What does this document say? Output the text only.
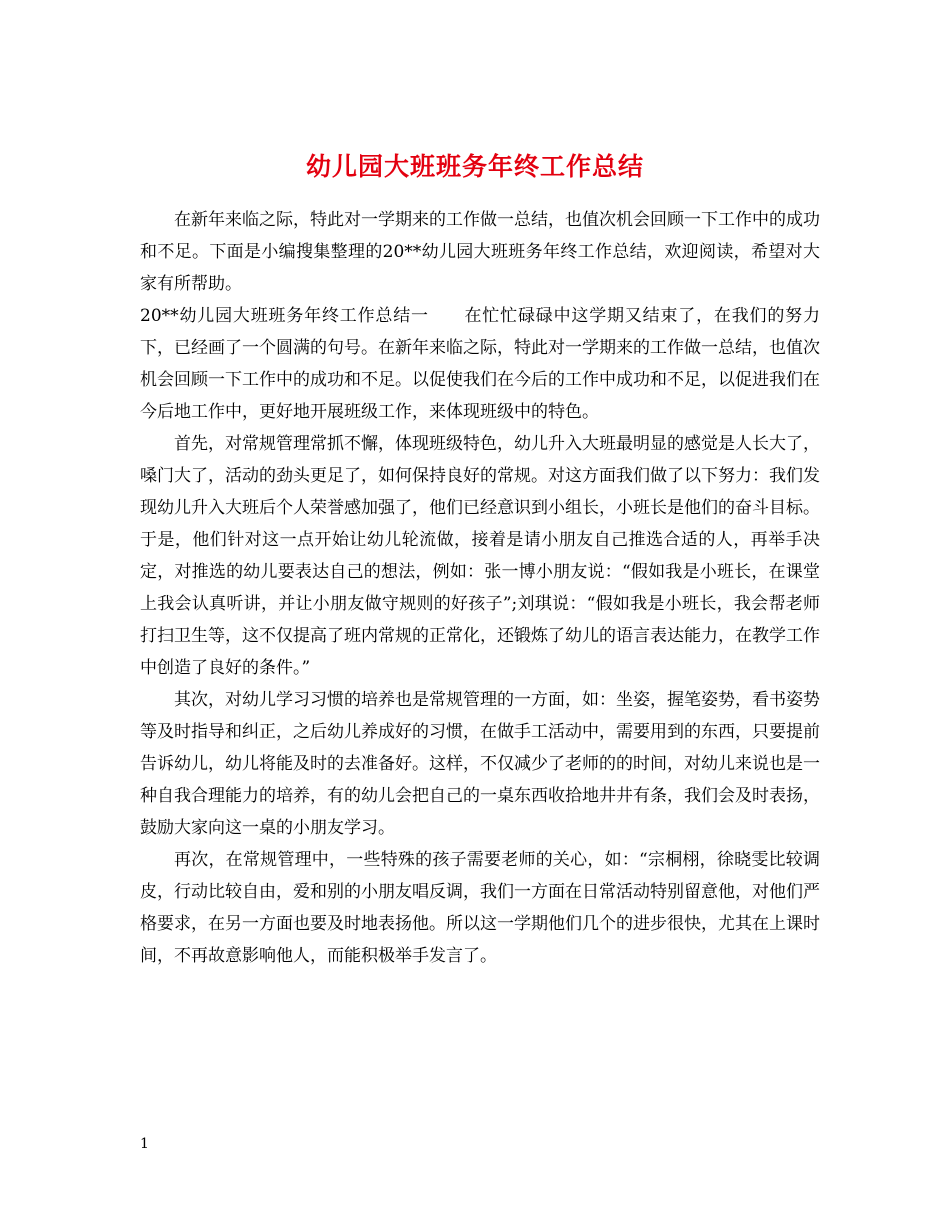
幼儿园大班班务年终工作总结

在新年来临之际，特此对一学期来的工作做一总结，也值次机会回顾一下工作中的成功和不足。下面是小编搜集整理的20**幼儿园大班班务年终工作总结，欢迎阅读，希望对大家有所帮助。

20**幼儿园大班班务年终工作总结一　　在忙忙碌碌中这学期又结束了，在我们的努力下，已经画了一个圆满的句号。在新年来临之际，特此对一学期来的工作做一总结，也值次机会回顾一下工作中的成功和不足。以促使我们在今后的工作中成功和不足，以促进我们在今后地工作中，更好地开展班级工作，来体现班级中的特色。

首先，对常规管理常抓不懈，体现班级特色，幼儿升入大班最明显的感觉是人长大了，嗓门大了，活动的劲头更足了，如何保持良好的常规。对这方面我们做了以下努力：我们发现幼儿升入大班后个人荣誉感加强了，他们已经意识到小组长，小班长是他们的奋斗目标。于是，他们针对这一点开始让幼儿轮流做，接着是请小朋友自己推选合适的人，再举手决定，对推选的幼儿要表达自己的想法，例如：张一博小朋友说：“假如我是小班长，在课堂上我会认真听讲，并让小朋友做守规则的好孩子”;刘琪说：“假如我是小班长，我会帮老师打扫卫生等，这不仅提高了班内常规的正常化，还锻炼了幼儿的语言表达能力，在教学工作中创造了良好的条件。”

其次，对幼儿学习习惯的培养也是常规管理的一方面，如：坐姿，握笔姿势，看书姿势等及时指导和纠正，之后幼儿养成好的习惯，在做手工活动中，需要用到的东西，只要提前告诉幼儿，幼儿将能及时的去准备好。这样，不仅减少了老师的的时间，对幼儿来说也是一种自我合理能力的培养，有的幼儿会把自己的一桌东西收拾地井井有条，我们会及时表扬，鼓励大家向这一桌的小朋友学习。

再次，在常规管理中，一些特殊的孩子需要老师的关心，如：“宗桐栩，徐晓雯比较调皮，行动比较自由，爱和别的小朋友唱反调，我们一方面在日常活动特别留意他，对他们严格要求，在另一方面也要及时地表扬他。所以这一学期他们几个的进步很快，尤其在上课时间，不再故意影响他人，而能积极举手发言了。

1
